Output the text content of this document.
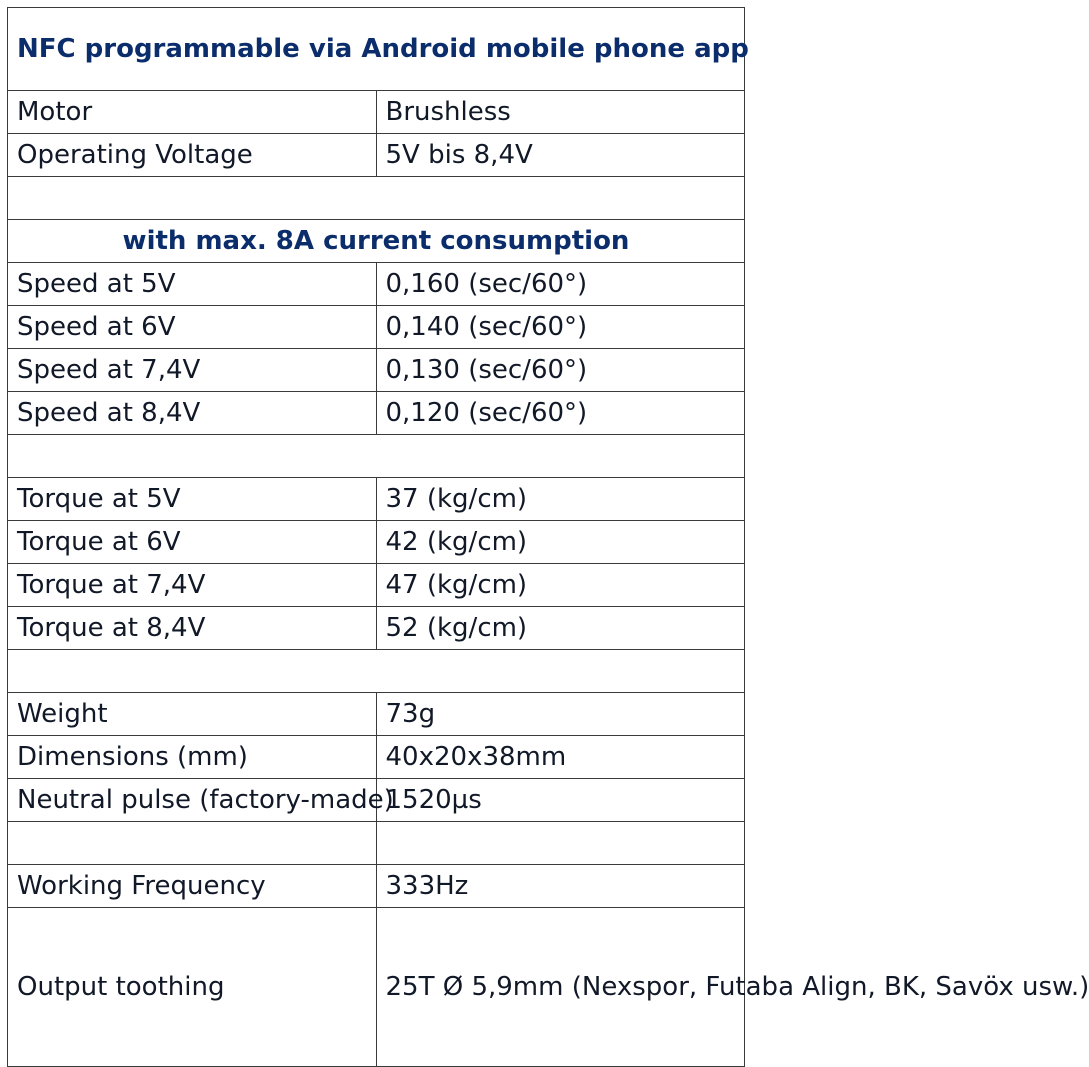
NFC programmable via Android mobile phone app	
Motor	Brushless
Operating Voltage	5V bis 8,4V

with max. 8A current consumption	
Speed at 5V	0,160 (sec/60°)
Speed at 6V	0,140 (sec/60°)
Speed at 7,4V	0,130 (sec/60°)
Speed at 8,4V	0,120 (sec/60°)

Torque at 5V	37 (kg/cm)
Torque at 6V	42 (kg/cm)
Torque at 7,4V	47 (kg/cm)
Torque at 8,4V	52 (kg/cm)

Weight	73g
Dimensions (mm)	40x20x38mm
Neutral pulse (factory-made)	1520µs

Working Frequency	333Hz
Output toothing	25T Ø 5,9mm (Nexspor, Futaba Align, BK, Savöx usw.)
